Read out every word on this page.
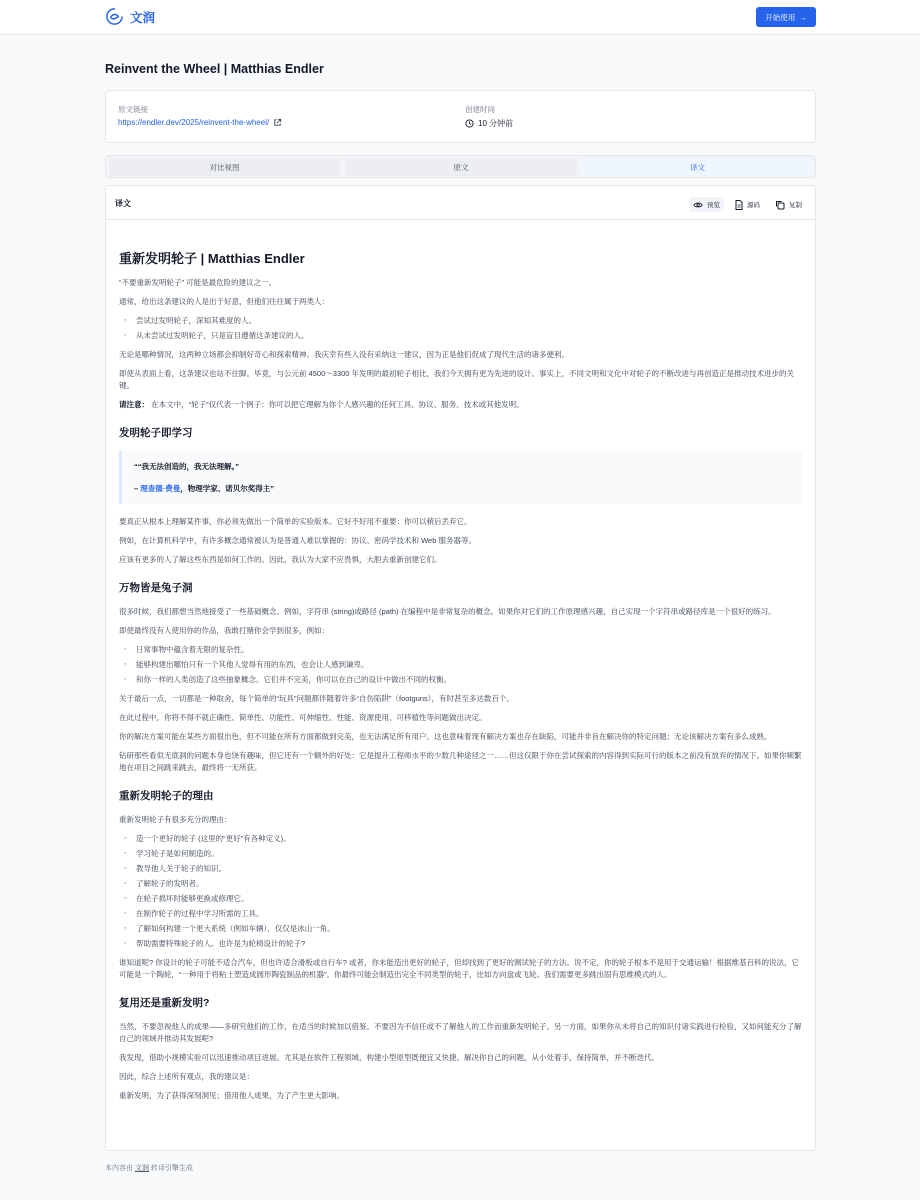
文润	开始使用 →
Reinvent the Wheel | Matthias Endler
原文链接
https://endler.dev/2025/reinvent-the-wheel/
创建时间
10 分钟前
对比视图	原文	译文
译文	预览	源码	复制
重新发明轮子 | Matthias Endler

“不要重新发明轮子” 可能是最危险的建议之一。

通常，给出这条建议的人是出于好意，但他们往往属于两类人：

◦ 尝试过发明轮子，深知其难度的人。
◦ 从未尝试过发明轮子，只是盲目遵循这条建议的人。

无论是哪种情况，这两种立场都会抑制好奇心和探索精神。我庆幸有些人没有采纳这一建议，因为正是他们促成了现代生活的诸多便利。

即使从表面上看，这条建议也站不住脚。毕竟，与公元前 4500～3300 年发明的最初轮子相比，我们今天拥有更为先进的设计。事实上，不同文明和文化中对轮子的不断改进与再创造正是推动技术进步的关键。

请注意： 在本文中，“轮子”仅代表一个例子：你可以把它理解为你个人感兴趣的任何工具、协议、服务、技术或其他发明。

发明轮子即学习
““我无法创造的，我无法理解。”
– 理查德·费曼，物理学家、诺贝尔奖得主”

要真正从根本上理解某件事，你必须先做出一个简单的实验版本。它好不好用不重要：你可以稍后丢弃它。

例如，在计算机科学中，有许多概念通常被认为是普通人难以掌握的：协议、密码学技术和 Web 服务器等。

应该有更多的人了解这些东西是如何工作的。因此，我认为大家不应畏惧，大胆去重新创建它们。

万物皆是兔子洞

很多时候，我们都想当然地接受了一些基础概念。例如，字符串 (string)或路径 (path) 在编程中是非常复杂的概念。如果你对它们的工作原理感兴趣，自己实现一个字符串或路径库是一个很好的练习。

即使最终没有人使用你的作品，我敢打赌你会学到很多，例如：

◦ 日常事物中蕴含着无限的复杂性。
◦ 能够构建出哪怕只有一个其他人觉得有用的东西，也会让人感到谦卑。
◦ 和你一样的人类创造了这些抽象概念。它们并不完美，你可以在自己的设计中做出不同的权衡。

关于最后一点，一切都是一种取舍，每个简单的“玩具”问题都伴随着许多“自伤陷阱”（footguns），有时甚至多达数百个。

在此过程中，你将不得不就正确性、简单性、功能性、可伸缩性、性能、资源使用、可移植性等问题做出决定。

你的解决方案可能在某些方面很出色，但不可能在所有方面都做到完美，也无法满足所有用户。这也意味着现有解决方案也存在缺陷，可能并非旨在解决你的特定问题；无论该解决方案有多么成熟。

钻研那些看似无底洞的问题本身也饶有趣味，但它还有一个额外的好处：它是提升工程师水平的少数几种途径之一……但这仅限于你在尝试探索的内容得到实际可行的版本之前没有放弃的情况下。如果你频繁地在项目之间跳来跳去，最终将一无所获。

重新发明轮子的理由

重新发明轮子有很多充分的理由：

◦ 造一个更好的轮子 (这里的“更好”有各种定义)。
◦ 学习轮子是如何制造的。
◦ 教导他人关于轮子的知识。
◦ 了解轮子的发明者。
◦ 在轮子损坏时能够更换或修理它。
◦ 在制作轮子的过程中学习所需的工具。
◦ 了解如何构建一个更大系统（例如车辆），仅仅是冰山一角。
◦ 帮助需要特殊轮子的人。也许是为轮椅设计的轮子?

谁知道呢? 你设计的轮子可能不适合汽车，但也许适合滑板或自行车? 或者，你未能造出更好的轮子，但却找到了更好的测试轮子的方法。说不定，你的轮子根本不是用于交通运输！根据维基百科的说法，它可能是一个陶轮，“一种用于将粘土塑造成圆形陶瓷制品的机器”。你最终可能会制造出完全不同类型的轮子，比如方向盘或飞轮。我们需要更多跳出固有思维模式的人。

复用还是重新发明?

当然，不要忽视他人的成果——多研究他们的工作，在适当的时候加以借鉴。不要因为不信任或不了解他人的工作而重新发明轮子。另一方面，如果你从未将自己的知识付诸实践进行检验，又如何能充分了解自己的领域并推动其发展呢?

我发现，借助小规模实验可以迅速推动项目进展。尤其是在软件工程领域，构建小型原型既便宜又快捷。解决你自己的问题，从小处着手，保持简单，并不断迭代。

因此，综合上述所有观点，我的建议是：

重新发明，为了获得深刻洞见；借用他人成果，为了产生更大影响。

本内容由 文润 转译引擎生成
